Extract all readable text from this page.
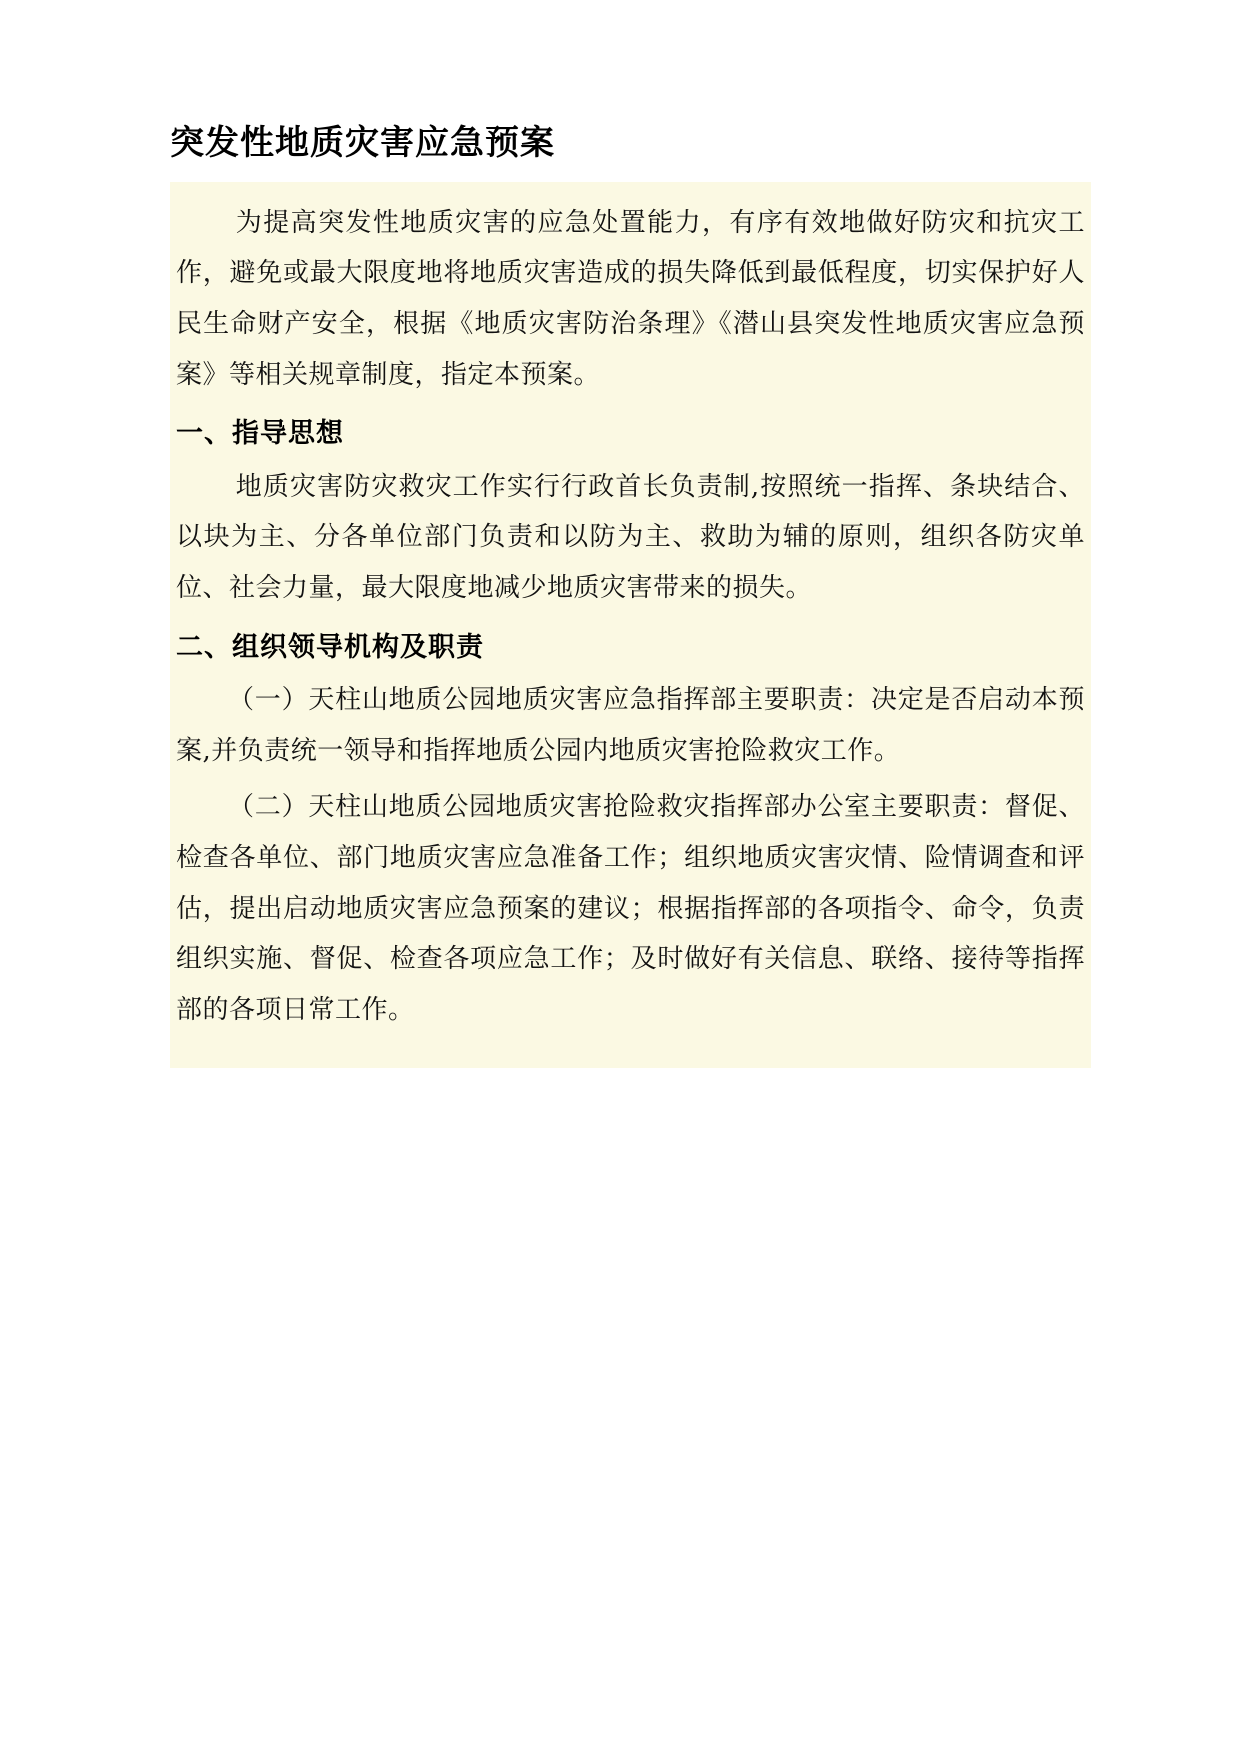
突发性地质灾害应急预案

为提高突发性地质灾害的应急处置能力，有序有效地做好防灾和抗灾工作，避免或最大限度地将地质灾害造成的损失降低到最低程度，切实保护好人民生命财产安全，根据《地质灾害防治条理》《潜山县突发性地质灾害应急预案》等相关规章制度，指定本预案。

一、指导思想

地质灾害防灾救灾工作实行行政首长负责制,按照统一指挥、条块结合、以块为主、分各单位部门负责和以防为主、救助为辅的原则，组织各防灾单位、社会力量，最大限度地减少地质灾害带来的损失。

二、组织领导机构及职责

（一）天柱山地质公园地质灾害应急指挥部主要职责：决定是否启动本预案,并负责统一领导和指挥地质公园内地质灾害抢险救灾工作。

（二）天柱山地质公园地质灾害抢险救灾指挥部办公室主要职责：督促、检查各单位、部门地质灾害应急准备工作；组织地质灾害灾情、险情调查和评估，提出启动地质灾害应急预案的建议；根据指挥部的各项指令、命令，负责组织实施、督促、检查各项应急工作；及时做好有关信息、联络、接待等指挥部的各项日常工作。
